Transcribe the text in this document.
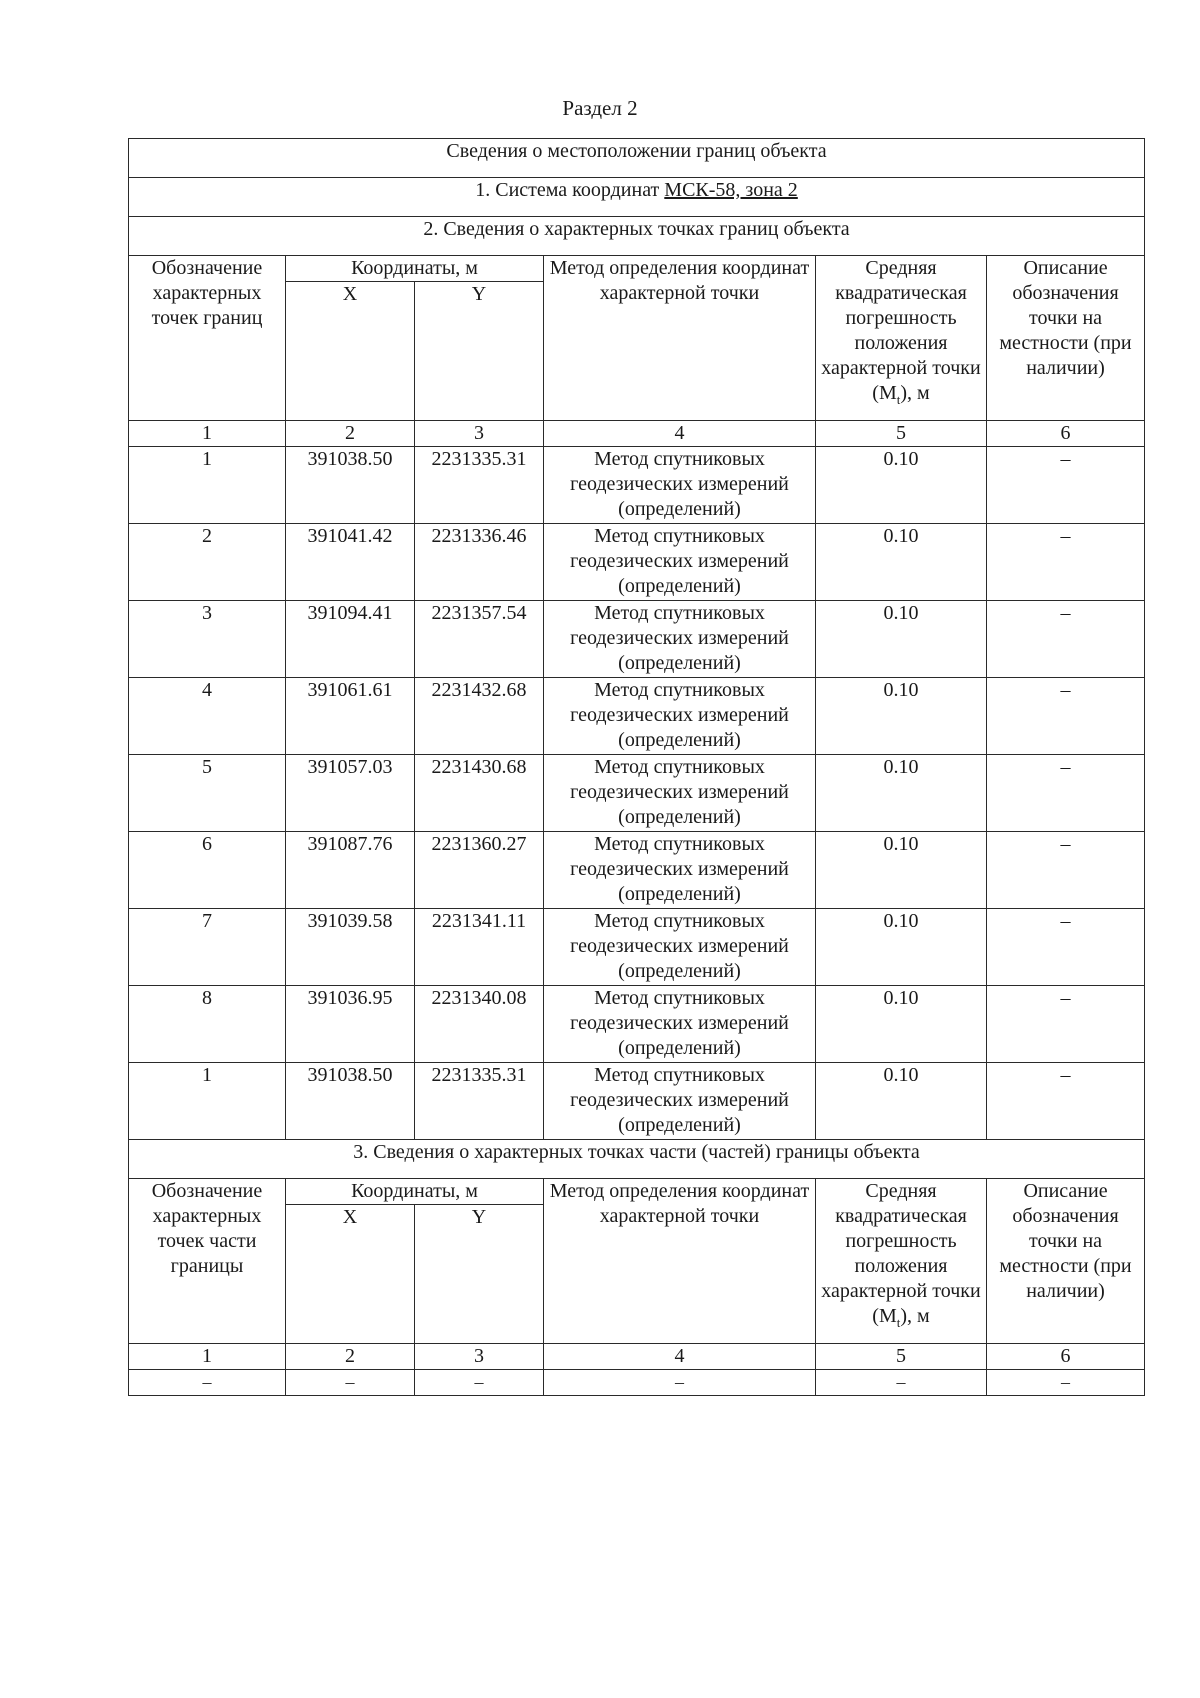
Раздел 2
Сведения о местоположении границ объекта					
1. Система координат МСК-58, зона 2					
2. Сведения о характерных точках границ объекта					
Обозначение характерных точек границ	Координаты, м		Метод определения координат характерной точки	Средняя квадратическая погрешность положения характерной точки $(M_t)$, м	Описание обозначения точки на местности (при наличии)
	X	Y			
1	2	3	4	5	6
1	391038.50	2231335.31	Метод спутниковых геодезических измерений (определений)	0.10	–
2	391041.42	2231336.46	Метод спутниковых геодезических измерений (определений)	0.10	–
3	391094.41	2231357.54	Метод спутниковых геодезических измерений (определений)	0.10	–
4	391061.61	2231432.68	Метод спутниковых геодезических измерений (определений)	0.10	–
5	391057.03	2231430.68	Метод спутниковых геодезических измерений (определений)	0.10	–
6	391087.76	2231360.27	Метод спутниковых геодезических измерений (определений)	0.10	–
7	391039.58	2231341.11	Метод спутниковых геодезических измерений (определений)	0.10	–
8	391036.95	2231340.08	Метод спутниковых геодезических измерений (определений)	0.10	–
1	391038.50	2231335.31	Метод спутниковых геодезических измерений (определений)	0.10	–
3. Сведения о характерных точках части (частей) границы объекта					
Обозначение характерных точек части границы	Координаты, м		Метод определения координат характерной точки	Средняя квадратическая погрешность положения характерной точки $(M_t)$, м	Описание обозначения точки на местности (при наличии)
	X	Y			
1	2	3	4	5	6
–	–	–	–	–	–
